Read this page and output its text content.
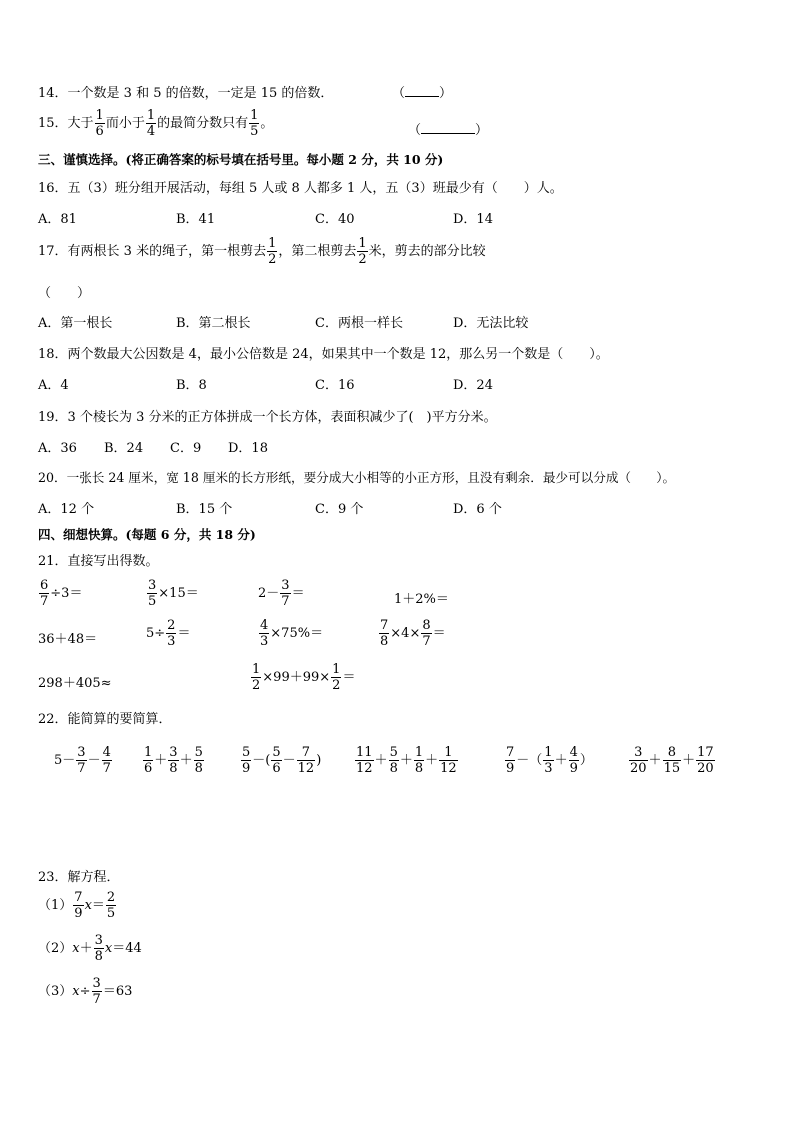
14．一个数是 3 和 5 的倍数，一定是 15 的倍数．	（	）
15．大于 $\frac{1}{6}$ 而小于 $\frac{1}{4}$ 的最简分数只有 $\frac{1}{5}$ 。	（	）
三、谨慎选择。(将正确答案的标号填在括号里。每小题 2 分，共 10 分)
16．五（3）班分组开展活动，每组 5 人或 8 人都多 1 人，五（3）班最少有（　　）人。
A．81	B．41	C．40	D．14
17．有两根长 3 米的绳子，第一根剪去 $\frac{1}{2}$ ，第二根剪去 $\frac{1}{2}$ 米，剪去的部分比较
（　　）
A．第一根长	B．第二根长	C．两根一样长	D．无法比较
18．两个数最大公因数是 4，最小公倍数是 24，如果其中一个数是 12，那么另一个数是（　　）。
A．4	B．8	C．16	D．24
19．3 个棱长为 3 分米的正方体拼成一个长方体，表面积减少了(　)平方分米。
A．36 B．24 C．9 D．18
20．一张长 24 厘米，宽 18 厘米的长方形纸，要分成大小相等的小正方形，且没有剩余．最少可以分成（　　）。
A．12 个	B．15 个	C．9 个	D．6 个
四、细想快算。(每题 6 分，共 18 分)
21．直接写出得数。
$\frac{6}{7} \div 3=$	$\frac{3}{5} \times 15=$	$2- \frac{3}{7}$ ＝	1＋2%＝
36＋48＝	$5\div \frac{2}{3}$ ＝	$\frac{4}{3} \times 75\%=$	$\frac{7}{8} \times 4\times \frac{8}{7}$ ＝
298＋405≈	$\frac{1}{2} \times 99+99\times \frac{1}{2}$ ＝
22．能简算的要简算．
$5- \frac{3}{7} - \frac{4}{7} \frac{1}{6} + \frac{3}{8} + \frac{5}{8}$	$\frac{5}{9}$ －( $\frac{5}{6} - \frac{7}{12}$ )	$\frac{11}{12} + \frac{5}{8} + \frac{1}{8} + \frac{1}{12}$	$\frac{7}{9}$ －（ $\frac{1}{3} + \frac{4}{9}$ ）	$\frac{3}{20} + \frac{8}{15} + \frac{17}{20}$
23．解方程．
$(1) \frac{7}{9} x= \frac{2}{5}$
$(2)x+ \frac{3}{8} x=44$
$(3)x\div \frac{3}{7} =63$
